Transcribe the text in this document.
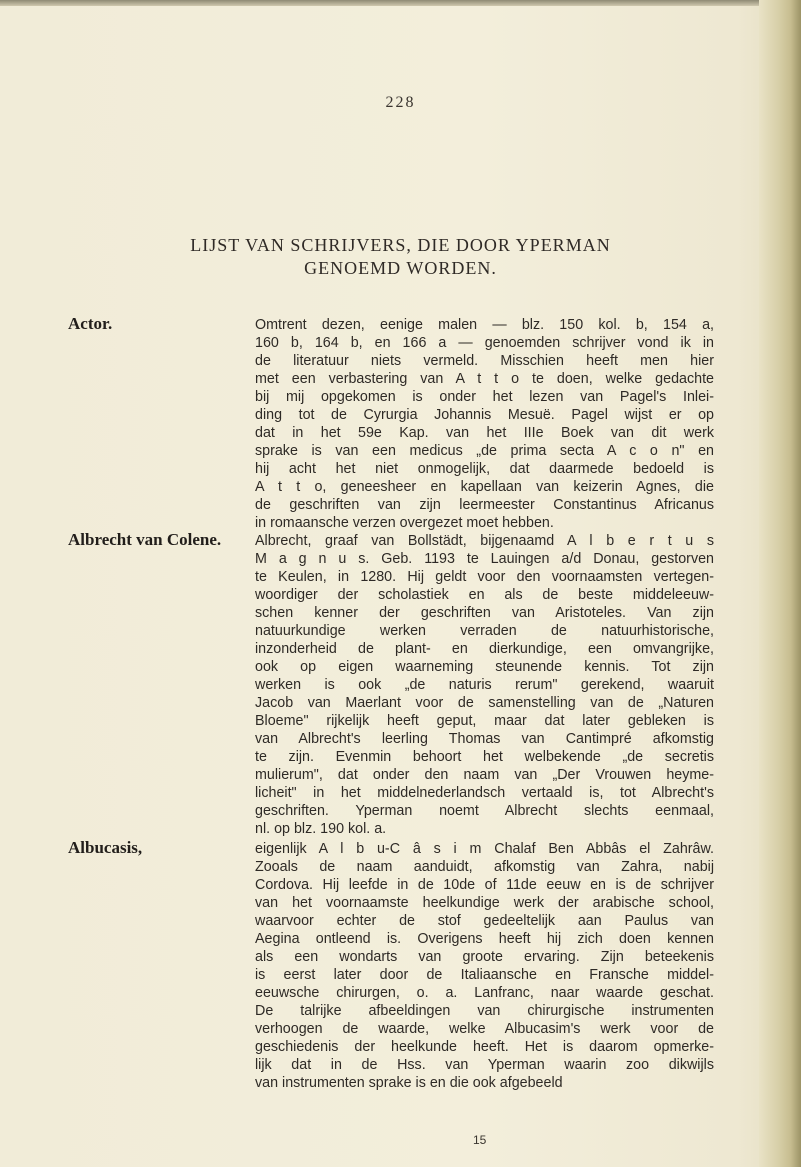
228
LIJST VAN SCHRIJVERS, DIE DOOR YPERMAN
GENOEMD WORDEN.
Actor.	Omtrent dezen, eenige malen — blz. 150 kol. b, 154 a,
160 b, 164 b, en 166 a — genoemden schrijver vond ik in
de literatuur niets vermeld. Misschien heeft men hier
met een verbastering van A t t o te doen, welke gedachte
bij mij opgekomen is onder het lezen van Pagel's Inlei-
ding tot de Cyrurgia Johannis Mesuë. Pagel wijst er op
dat in het 59e Kap. van het IIIe Boek van dit werk
sprake is van een medicus „de prima secta A c o n" en
hij acht het niet onmogelijk, dat daarmede bedoeld is
A t t o, geneesheer en kapellaan van keizerin Agnes, die
de geschriften van zijn leermeester Constantinus Africanus
in romaansche verzen overgezet moet hebben.
Albrecht van Colene. Albrecht, graaf van Bollstädt, bijgenaamd A l b e r t u s
M a g n u s. Geb. 1193 te Lauingen a/d Donau, gestorven
te Keulen, in 1280. Hij geldt voor den voornaamsten vertegen-
woordiger der scholastiek en als de beste middeleeuw-
schen kenner der geschriften van Aristoteles. Van zijn
natuurkundige werken verraden de natuurhistorische,
inzonderheid de plant- en dierkundige, een omvangrijke,
ook op eigen waarneming steunende kennis. Tot zijn
werken is ook „de naturis rerum" gerekend, waaruit
Jacob van Maerlant voor de samenstelling van de „Naturen
Bloeme" rijkelijk heeft geput, maar dat later gebleken is
van Albrecht's leerling Thomas van Cantimpré afkomstig
te zijn. Evenmin behoort het welbekende „de secretis
mulierum", dat onder den naam van „Der Vrouwen heyme-
licheit" in het middelnederlandsch vertaald is, tot Albrecht's
geschriften. Yperman noemt Albrecht slechts eenmaal,
nl. op blz. 190 kol. a.
Albucasis,	eigenlijk A l b u-C â s i m Chalaf Ben Abbâs el Zahrâw.
Zooals de naam aanduidt, afkomstig van Zahra, nabij
Cordova. Hij leefde in de 10de of 11de eeuw en is de schrijver
van het voornaamste heelkundige werk der arabische school,
waarvoor echter de stof gedeeltelijk aan Paulus van
Aegina ontleend is. Overigens heeft hij zich doen kennen
als een wondarts van groote ervaring. Zijn beteekenis
is eerst later door de Italiaansche en Fransche middel-
eeuwsche chirurgen, o. a. Lanfranc, naar waarde geschat.
De talrijke afbeeldingen van chirurgische instrumenten
verhoogen de waarde, welke Albucasim's werk voor de
geschiedenis der heelkunde heeft. Het is daarom opmerke-
lijk dat in de Hss. van Yperman waarin zoo dikwijls
van instrumenten sprake is en die ook afgebeeld
15
